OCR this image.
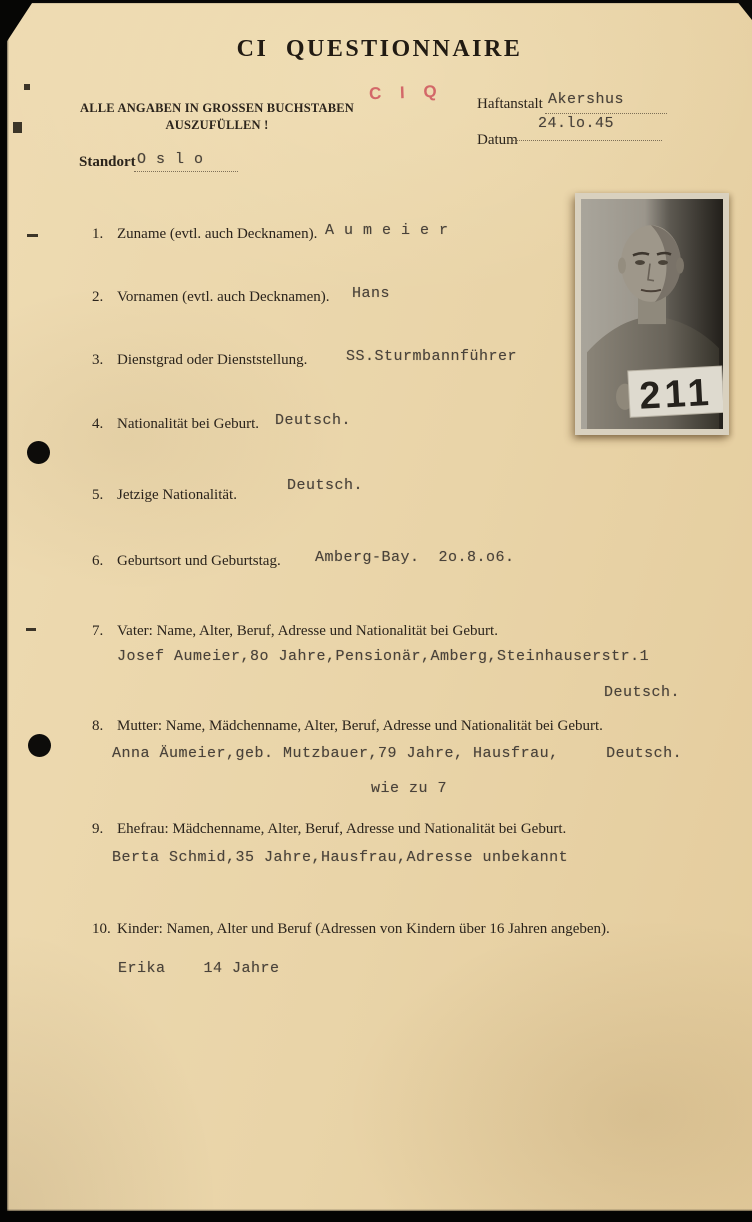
CI QUESTIONNAIRE
C I Q
ALLE ANGABEN IN GROSSEN BUCHSTABEN
AUSZUFÜLLEN !
Haftanstalt Akershus
24.lo.45
Datum
Standort O s l o
211
1. Zuname (evtl. auch Decknamen). A u m e i e r
2. Vornamen (evtl. auch Decknamen). Hans
3. Dienstgrad oder Dienststellung.	SS.Sturmbannführer
4. Nationalität bei Geburt. Deutsch.
5. Jetzige Nationalität.
Deutsch.
6. Geburtsort und Geburtstag. Amberg-Bay.  2o.8.o6.
7. Vater: Name, Alter, Beruf, Adresse und Nationalität bei Geburt.
Josef Aumeier,8o Jahre,Pensionär,Amberg,Steinhauserstr.1
Deutsch.
8. Mutter: Name, Mädchenname, Alter, Beruf, Adresse und Nationalität bei Geburt.
Anna Äumeier,geb. Mutzbauer,79 Jahre, Hausfrau,     Deutsch.
wie zu 7
9. Ehefrau: Mädchenname, Alter, Beruf, Adresse und Nationalität bei Geburt.
Berta Schmid,35 Jahre,Hausfrau,Adresse unbekannt
10. Kinder: Namen, Alter und Beruf (Adressen von Kindern über 16 Jahren angeben).
Erika    14 Jahre
